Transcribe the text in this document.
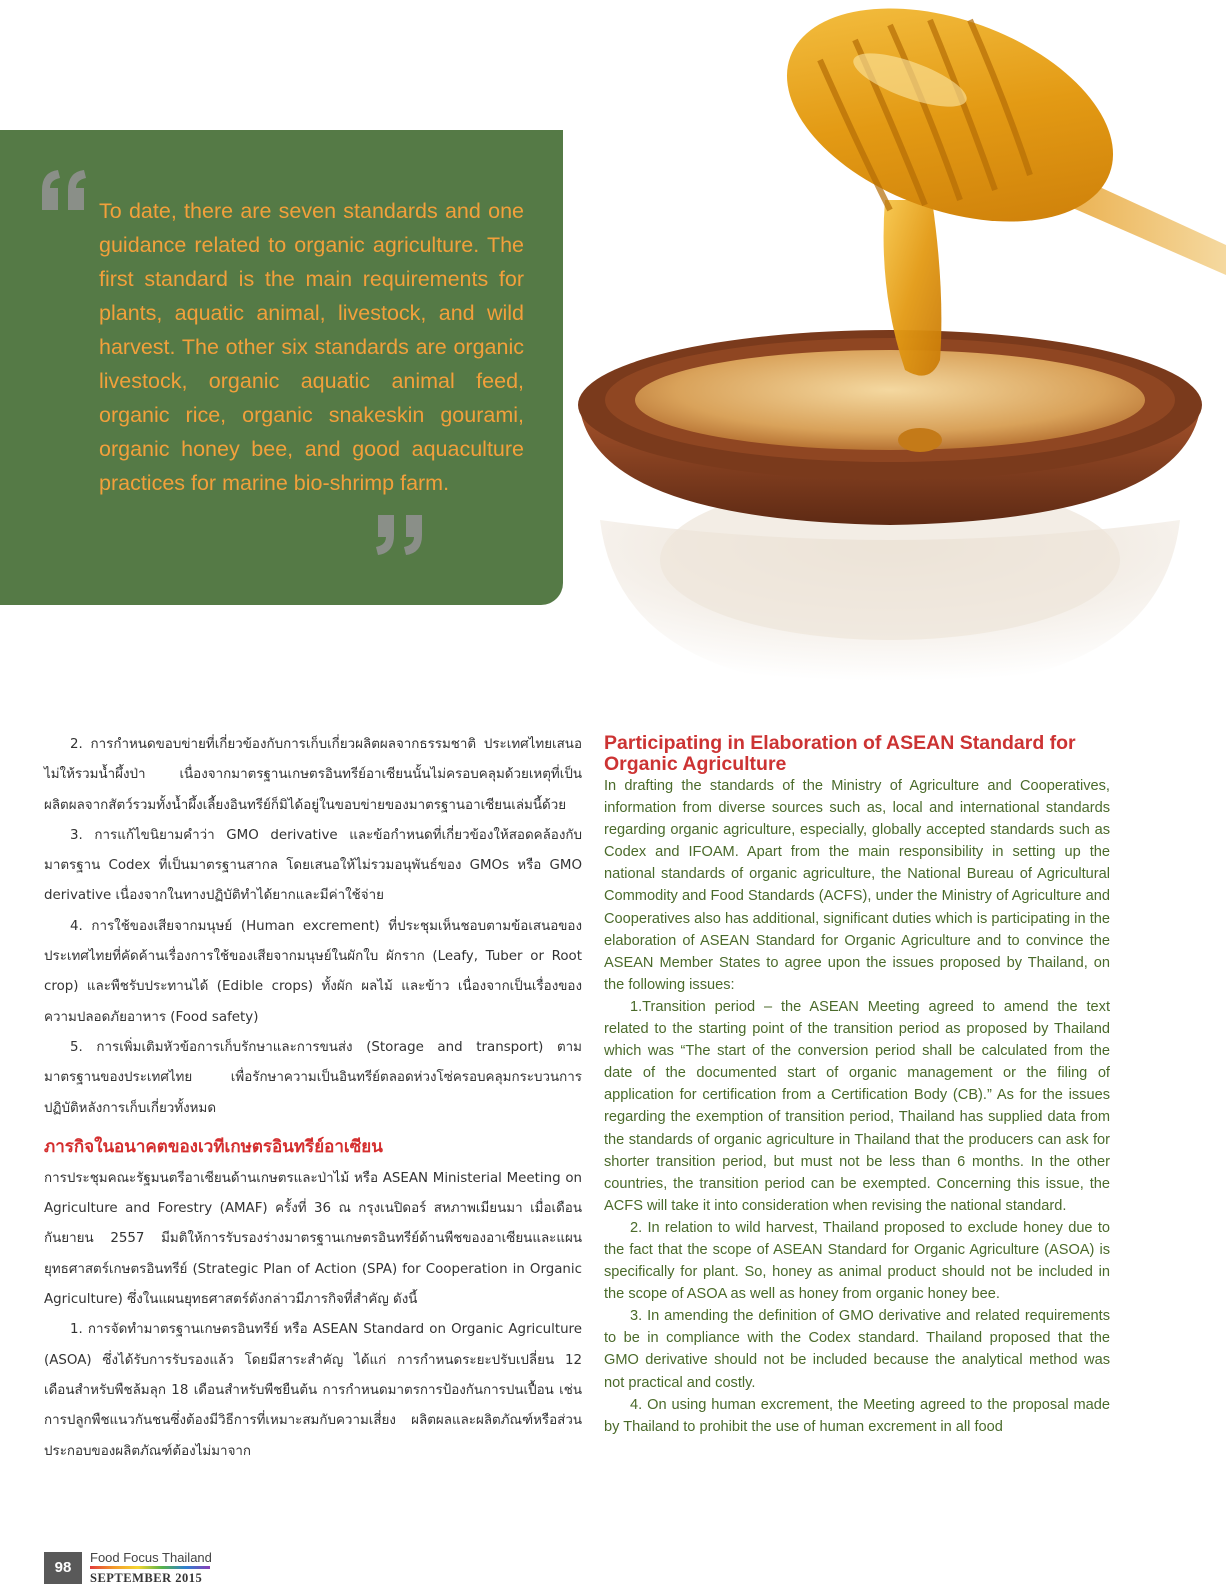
To date, there are seven standards and one guidance related to organic agriculture. The first standard is the main requirements for plants, aquatic animal, livestock, and wild harvest. The other six standards are organic livestock, organic aquatic animal feed, organic rice, organic snakeskin gourami, organic honey bee, and good aquaculture practices for marine bio-shrimp farm.

2. การกำหนดขอบข่ายที่เกี่ยวข้องกับการเก็บเกี่ยวผลิตผลจากธรรมชาติ ประเทศไทยเสนอไม่ให้รวมน้ำผึ้งป่า เนื่องจากมาตรฐานเกษตรอินทรีย์อาเซียนนั้นไม่ครอบคลุมด้วยเหตุที่เป็นผลิตผลจากสัตว์รวมทั้งน้ำผึ้งเลี้ยงอินทรีย์ก็มิได้อยู่ในขอบข่ายของมาตรฐานอาเซียนเล่มนี้ด้วย

3. การแก้ไขนิยามคำว่า GMO derivative และข้อกำหนดที่เกี่ยวข้องให้สอดคล้องกับมาตรฐาน Codex ที่เป็นมาตรฐานสากล โดยเสนอให้ไม่รวมอนุพันธ์ของ GMOs หรือ GMO derivative เนื่องจากในทางปฏิบัติทำได้ยากและมีค่าใช้จ่าย

4. การใช้ของเสียจากมนุษย์ (Human excrement) ที่ประชุมเห็นชอบตามข้อเสนอของประเทศไทยที่คัดค้านเรื่องการใช้ของเสียจากมนุษย์ในผักใบ ผักราก (Leafy, Tuber or Root crop) และพืชรับประทานได้ (Edible crops) ทั้งผัก ผลไม้ และข้าว เนื่องจากเป็นเรื่องของความปลอดภัยอาหาร (Food safety)

5. การเพิ่มเติมหัวข้อการเก็บรักษาและการขนส่ง (Storage and transport) ตามมาตรฐานของประเทศไทย เพื่อรักษาความเป็นอินทรีย์ตลอดห่วงโซ่ครอบคลุมกระบวนการปฏิบัติหลังการเก็บเกี่ยวทั้งหมด

ภารกิจในอนาคตของเวทีเกษตรอินทรีย์อาเซียน

การประชุมคณะรัฐมนตรีอาเซียนด้านเกษตรและป่าไม้ หรือ ASEAN Ministerial Meeting on Agriculture and Forestry (AMAF) ครั้งที่ 36 ณ กรุงเนปิดอร์ สหภาพเมียนมา เมื่อเดือนกันยายน 2557 มีมติให้การรับรองร่างมาตรฐานเกษตรอินทรีย์ด้านพืชของอาเซียนและแผนยุทธศาสตร์เกษตรอินทรีย์ (Strategic Plan of Action (SPA) for Cooperation in Organic Agriculture) ซึ่งในแผนยุทธศาสตร์ดังกล่าวมีภารกิจที่สำคัญ ดังนี้

1. การจัดทำมาตรฐานเกษตรอินทรีย์ หรือ ASEAN Standard on Organic Agriculture (ASOA) ซึ่งได้รับการรับรองแล้ว โดยมีสาระสำคัญ ได้แก่ การกำหนดระยะปรับเปลี่ยน 12 เดือนสำหรับพืชล้มลุก 18 เดือนสำหรับพืชยืนต้น การกำหนดมาตรการป้องกันการปนเปื้อน เช่นการปลูกพืชแนวกันชนซึ่งต้องมีวิธีการที่เหมาะสมกับความเสี่ยง ผลิตผลและผลิตภัณฑ์หรือส่วนประกอบของผลิตภัณฑ์ต้องไม่มาจาก

Participating in Elaboration of ASEAN Standard for Organic Agriculture

In drafting the standards of the Ministry of Agriculture and Cooperatives, information from diverse sources such as, local and international standards regarding organic agriculture, especially, globally accepted standards such as Codex and IFOAM. Apart from the main responsibility in setting up the national standards of organic agriculture, the National Bureau of Agricultural Commodity and Food Standards (ACFS), under the Ministry of Agriculture and Cooperatives also has additional, significant duties which is participating in the elaboration of ASEAN Standard for Organic Agriculture and to convince the ASEAN Member States to agree upon the issues proposed by Thailand, on the following issues:

1.Transition period – the ASEAN Meeting agreed to amend the text related to the starting point of the transition period as proposed by Thailand which was “The start of the conversion period shall be calculated from the date of the documented start of organic management or the filing of application for certification from a Certification Body (CB).” As for the issues regarding the exemption of transition period, Thailand has supplied data from the standards of organic agriculture in Thailand that the producers can ask for shorter transition period, but must not be less than 6 months. In the other countries, the transition period can be exempted. Concerning this issue, the ACFS will take it into consideration when revising the national standard.

2. In relation to wild harvest, Thailand proposed to exclude honey due to the fact that the scope of ASEAN Standard for Organic Agriculture (ASOA) is specifically for plant. So, honey as animal product should not be included in the scope of ASOA as well as honey from organic honey bee.

3. In amending the definition of GMO derivative and related requirements to be in compliance with the Codex standard. Thailand proposed that the GMO derivative should not be included because the analytical method was not practical and costly.

4. On using human excrement, the Meeting agreed to the proposal made by Thailand to prohibit the use of human excrement in all food

98
Food Focus Thailand
SEPTEMBER 2015
